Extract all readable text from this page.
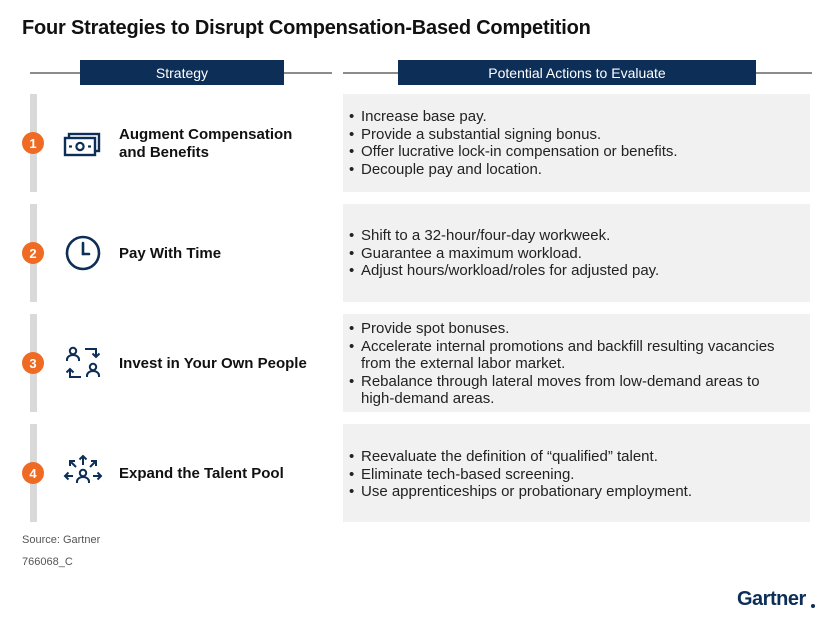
Four Strategies to Disrupt Compensation-Based Competition
Strategy	Potential Actions to Evaluate
1	Augment Compensation
and Benefits
• Increase base pay.
• Provide a substantial signing bonus.
• Offer lucrative lock-in compensation or benefits.
• Decouple pay and location.
2	Pay With Time
• Shift to a 32-hour/four-day workweek.
• Guarantee a maximum workload.
• Adjust hours/workload/roles for adjusted pay.
3	Invest in Your Own People
• Provide spot bonuses.
• Accelerate internal promotions and backfill resulting vacancies from the external labor market.
• Rebalance through lateral moves from low-demand areas to high-demand areas.
4	Expand the Talent Pool
• Reevaluate the definition of “qualified” talent.
• Eliminate tech-based screening.
• Use apprenticeships or probationary employment.
Source: Gartner
766068_C
Gartner
